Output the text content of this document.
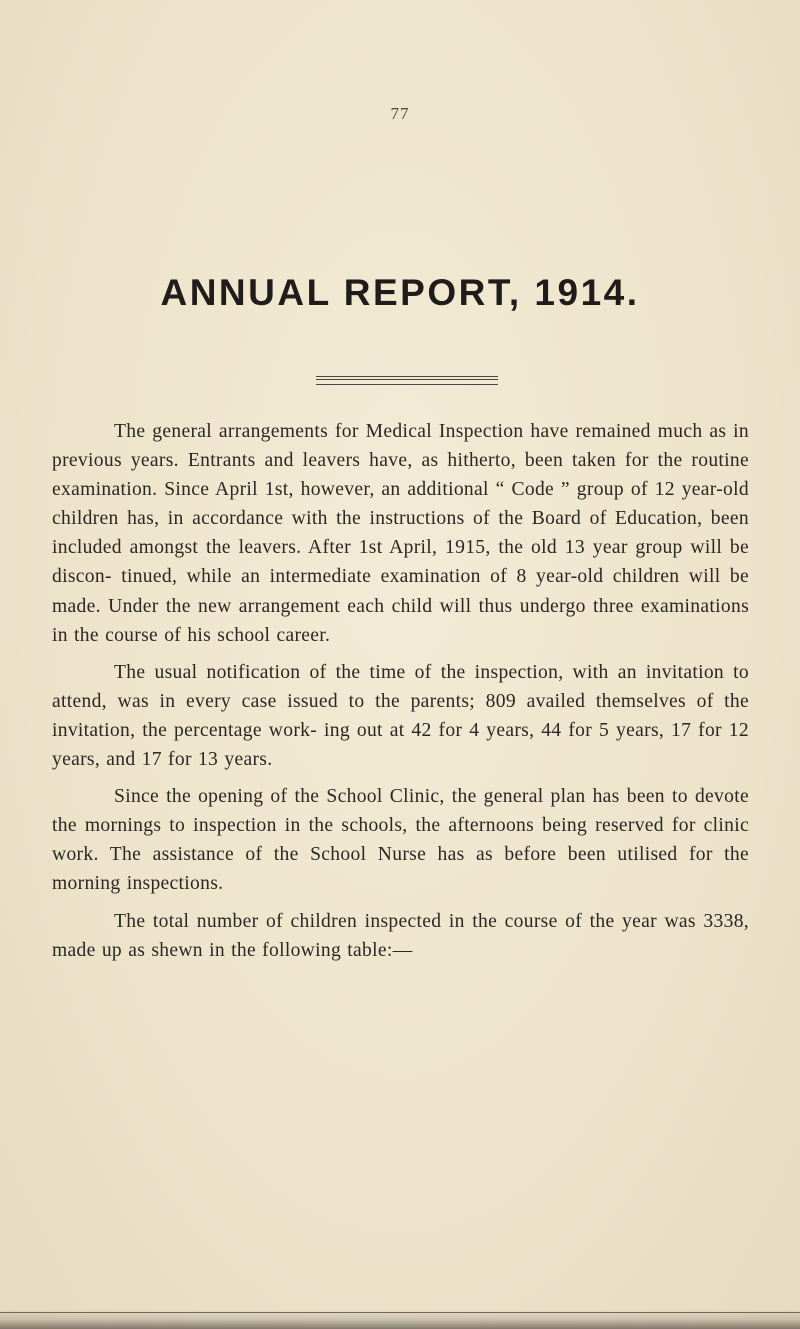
77
ANNUAL REPORT, 1914.

The general arrangements for Medical Inspection have remained much as in previous years. Entrants and leavers have, as hitherto, been taken for the routine examination. Since April 1st, however, an additional “ Code ” group of 12 year-old children has, in accordance with the instructions of the Board of Education, been included amongst the leavers. After 1st April, 1915, the old 13 year group will be discon- tinued, while an intermediate examination of 8 year-old children will be made. Under the new arrangement each child will thus undergo three examinations in the course of his school career.

The usual notification of the time of the inspection, with an invitation to attend, was in every case issued to the parents; 809 availed themselves of the invitation, the percentage work- ing out at 42 for 4 years, 44 for 5 years, 17 for 12 years, and 17 for 13 years.

Since the opening of the School Clinic, the general plan has been to devote the mornings to inspection in the schools, the afternoons being reserved for clinic work. The assistance of the School Nurse has as before been utilised for the morning inspections.

The total number of children inspected in the course of the year was 3338, made up as shewn in the following table:—
